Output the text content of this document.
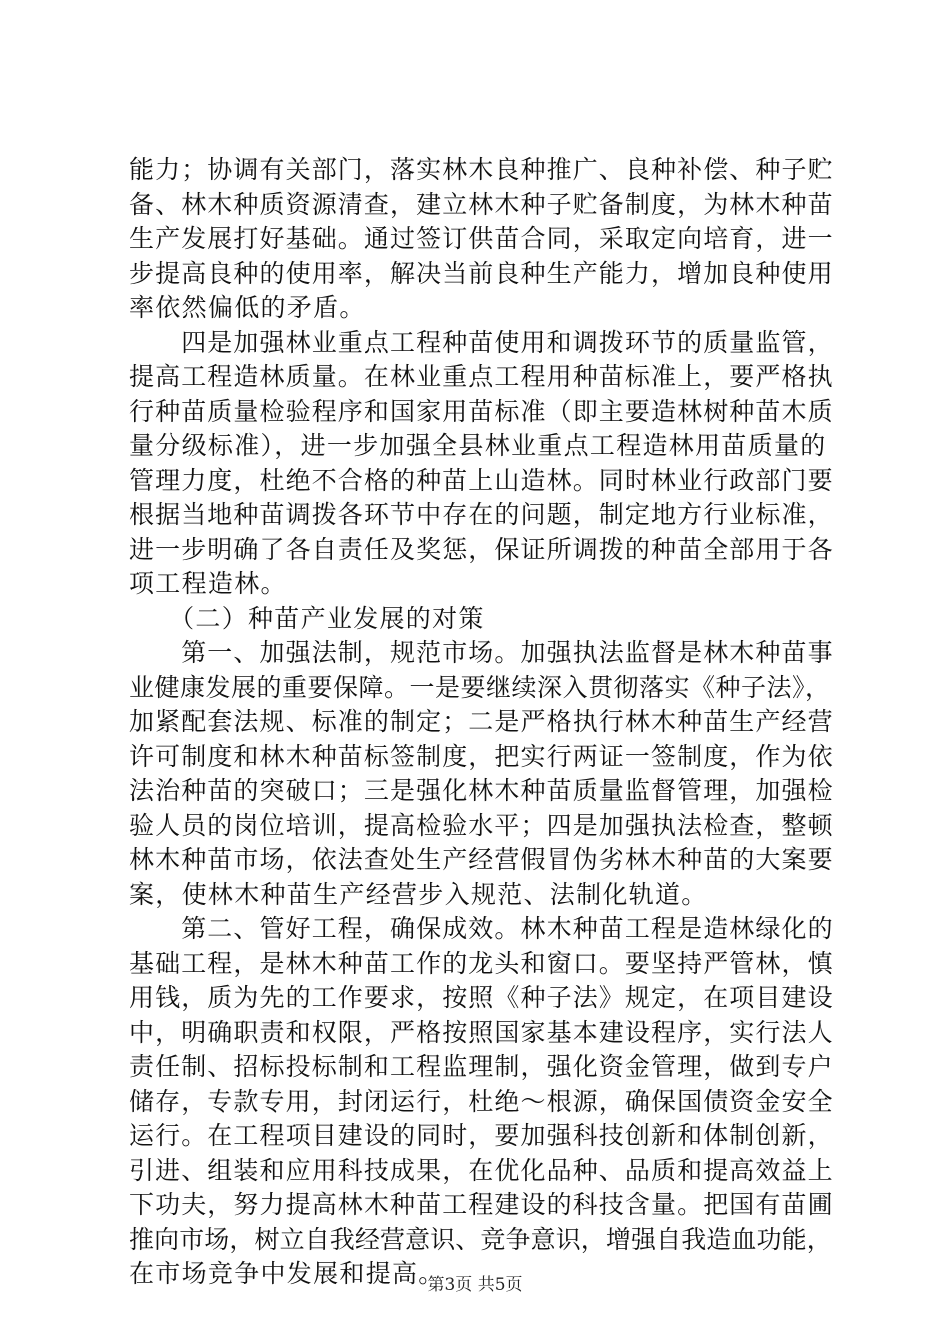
能力；协调有关部门，落实林木良种推广、良种补偿、种子贮
备、林木种质资源清查，建立林木种子贮备制度，为林木种苗
生产发展打好基础。通过签订供苗合同，采取定向培育，进一
步提高良种的使用率，解决当前良种生产能力，增加良种使用
率依然偏低的矛盾。
　　四是加强林业重点工程种苗使用和调拨环节的质量监管，
提高工程造林质量。在林业重点工程用种苗标准上，要严格执
行种苗质量检验程序和国家用苗标准（即主要造林树种苗木质
量分级标准），进一步加强全县林业重点工程造林用苗质量的
管理力度，杜绝不合格的种苗上山造林。同时林业行政部门要
根据当地种苗调拨各环节中存在的问题，制定地方行业标准，
进一步明确了各自责任及奖惩，保证所调拨的种苗全部用于各
项工程造林。
　　（二）种苗产业发展的对策
　　第一、加强法制，规范市场。加强执法监督是林木种苗事
业健康发展的重要保障。一是要继续深入贯彻落实《种子法》，
加紧配套法规、标准的制定；二是严格执行林木种苗生产经营
许可制度和林木种苗标签制度，把实行两证一签制度，作为依
法治种苗的突破口；三是强化林木种苗质量监督管理，加强检
验人员的岗位培训，提高检验水平；四是加强执法检查，整顿
林木种苗市场，依法查处生产经营假冒伪劣林木种苗的大案要
案，使林木种苗生产经营步入规范、法制化轨道。
　　第二、管好工程，确保成效。林木种苗工程是造林绿化的
基础工程，是林木种苗工作的龙头和窗口。要坚持严管林，慎
用钱，质为先的工作要求，按照《种子法》规定，在项目建设
中，明确职责和权限，严格按照国家基本建设程序，实行法人
责任制、招标投标制和工程监理制，强化资金管理，做到专户
储存，专款专用，封闭运行，杜绝～根源，确保国债资金安全
运行。在工程项目建设的同时，要加强科技创新和体制创新，
引进、组装和应用科技成果，在优化品种、品质和提高效益上
下功夫，努力提高林木种苗工程建设的科技含量。把国有苗圃
推向市场，树立自我经营意识、竞争意识，增强自我造血功能，
在市场竞争中发展和提高。
第3页 共5页
